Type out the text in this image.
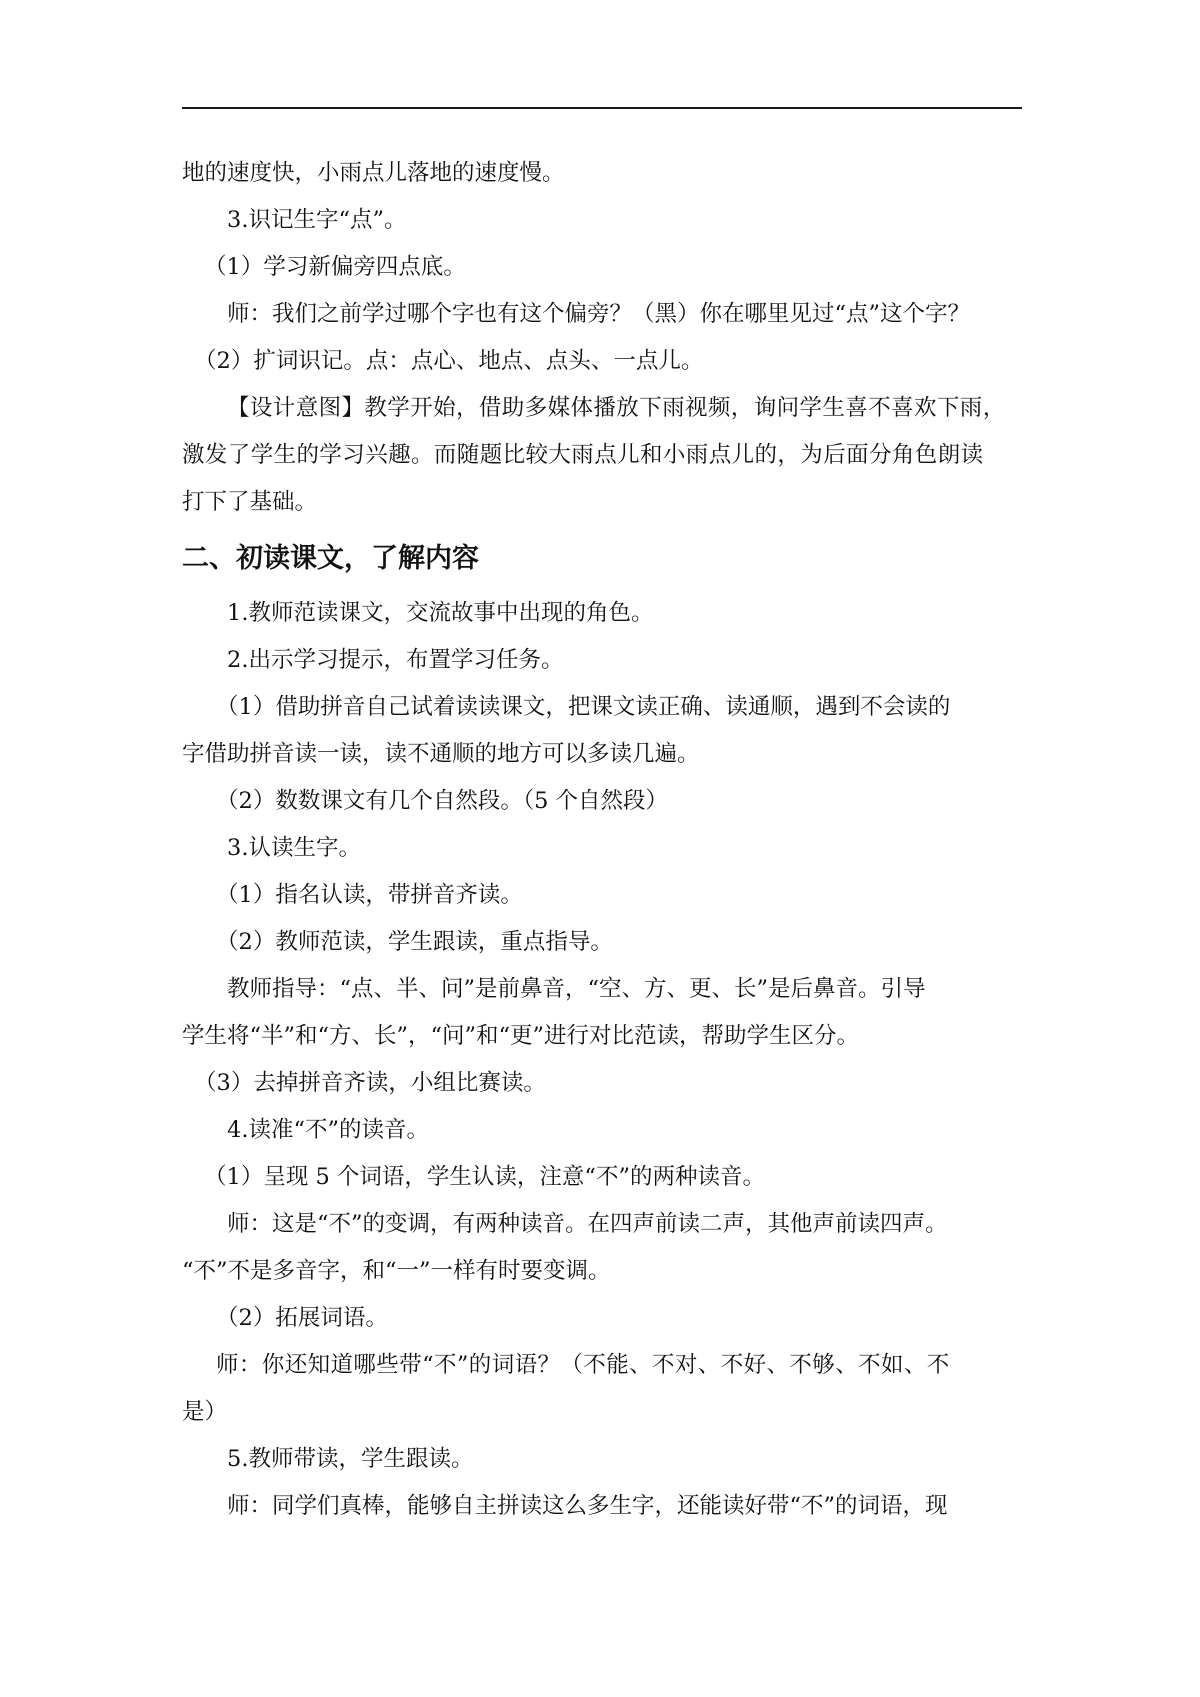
地的速度快，小雨点儿落地的速度慢。

3.识记生字“点”。

（1）学习新偏旁四点底。

师：我们之前学过哪个字也有这个偏旁？（黑）你在哪里见过“点”这个字？

（2）扩词识记。点：点心、地点、点头、一点儿。

【设计意图】教学开始，借助多媒体播放下雨视频，询问学生喜不喜欢下雨，

激发了学生的学习兴趣。而随题比较大雨点儿和小雨点儿的，为后面分角色朗读

打下了基础。

二、初读课文，了解内容

1.教师范读课文，交流故事中出现的角色。

2.出示学习提示，布置学习任务。

（1）借助拼音自己试着读读课文，把课文读正确、读通顺，遇到不会读的

字借助拼音读一读，读不通顺的地方可以多读几遍。

（2）数数课文有几个自然段。（5 个自然段）

3.认读生字。

（1）指名认读，带拼音齐读。

（2）教师范读，学生跟读，重点指导。

教师指导：“点、半、问”是前鼻音，“空、方、更、长”是后鼻音。引导

学生将“半”和“方、长”，“问”和“更”进行对比范读，帮助学生区分。

（3）去掉拼音齐读，小组比赛读。

4.读准“不”的读音。

（1）呈现 5 个词语，学生认读，注意“不”的两种读音。

师：这是“不”的变调，有两种读音。在四声前读二声，其他声前读四声。

“不”不是多音字，和“一”一样有时要变调。

（2）拓展词语。

师：你还知道哪些带“不”的词语？（不能、不对、不好、不够、不如、不

是）

5.教师带读，学生跟读。

师：同学们真棒，能够自主拼读这么多生字，还能读好带“不”的词语，现
